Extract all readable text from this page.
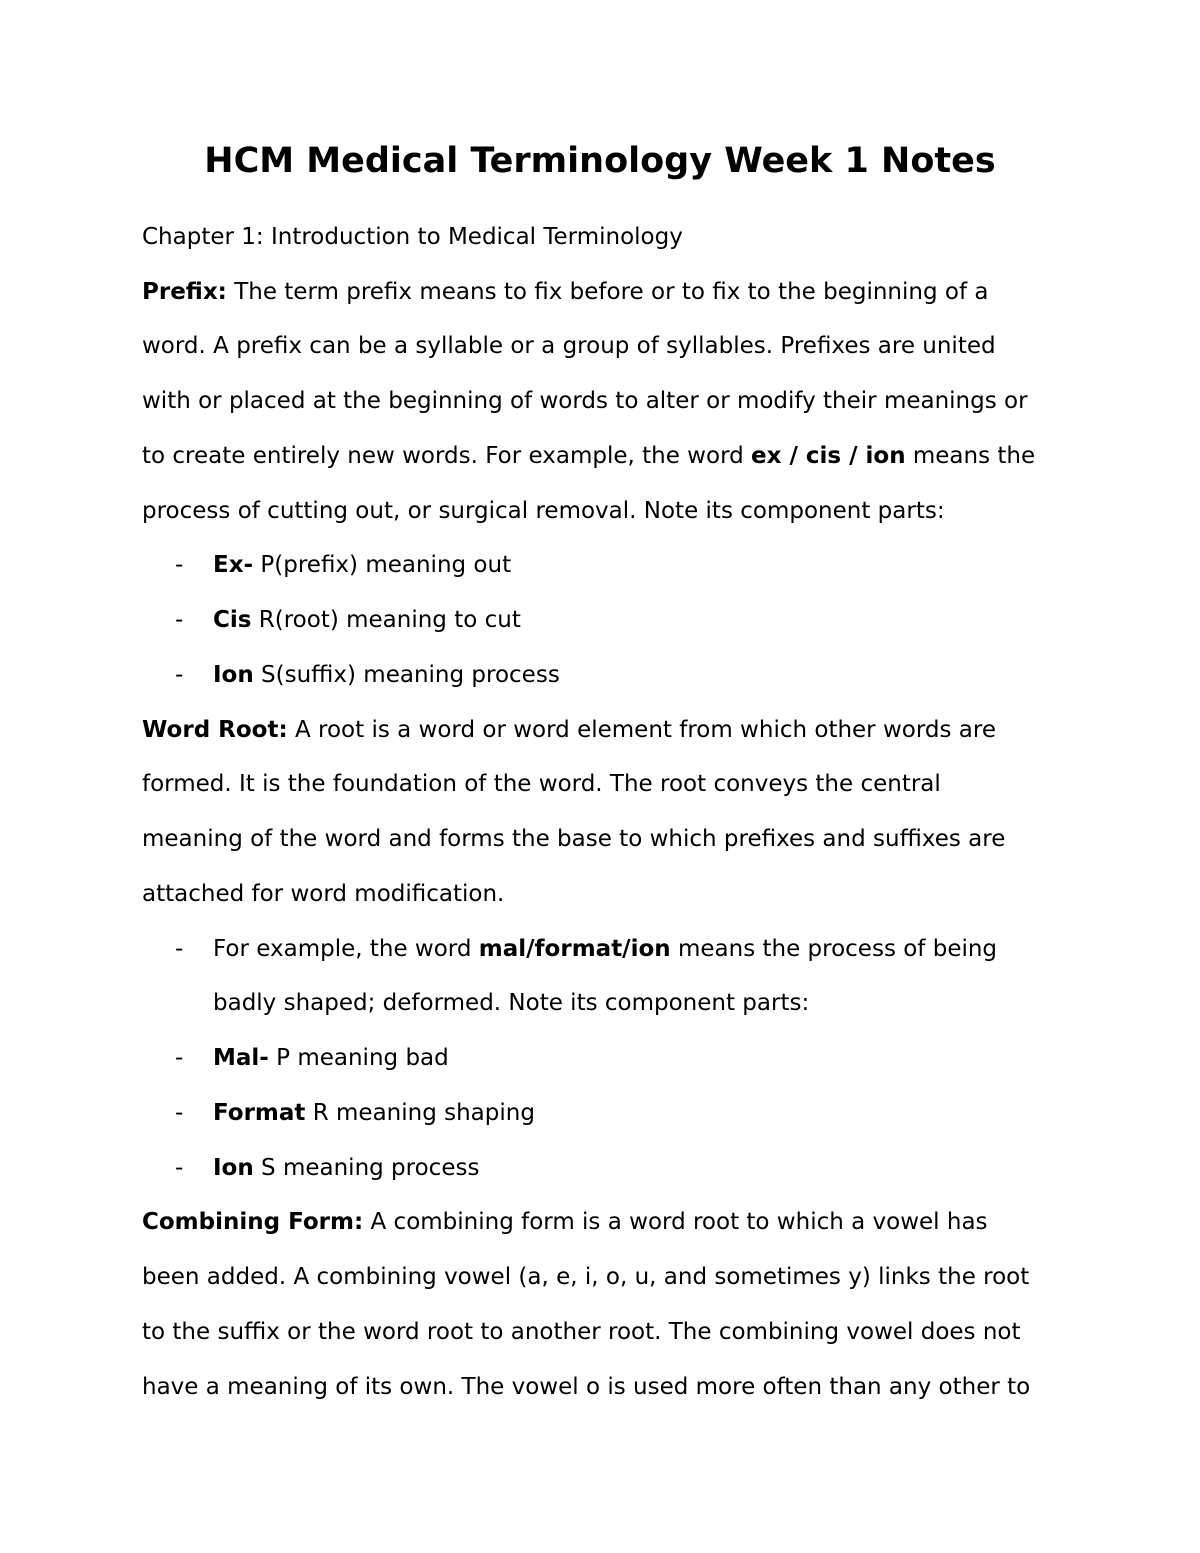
HCM Medical Terminology Week 1 Notes

Chapter 1: Introduction to Medical Terminology

Prefix: The term prefix means to fix before or to fix to the beginning of a

word. A prefix can be a syllable or a group of syllables. Prefixes are united

with or placed at the beginning of words to alter or modify their meanings or

to create entirely new words. For example, the word ex / cis / ion means the

process of cutting out, or surgical removal. Note its component parts:

- Ex- P(prefix) meaning out
- Cis R(root) meaning to cut
- Ion S(suffix) meaning process

Word Root: A root is a word or word element from which other words are

formed. It is the foundation of the word. The root conveys the central

meaning of the word and forms the base to which prefixes and suffixes are

attached for word modification.

- For example, the word mal/format/ion means the process of being

badly shaped; deformed. Note its component parts:

- Mal- P meaning bad
- Format R meaning shaping
- Ion S meaning process

Combining Form: A combining form is a word root to which a vowel has

been added. A combining vowel (a, e, i, o, u, and sometimes y) links the root

to the suffix or the word root to another root. The combining vowel does not

have a meaning of its own. The vowel o is used more often than any other to
